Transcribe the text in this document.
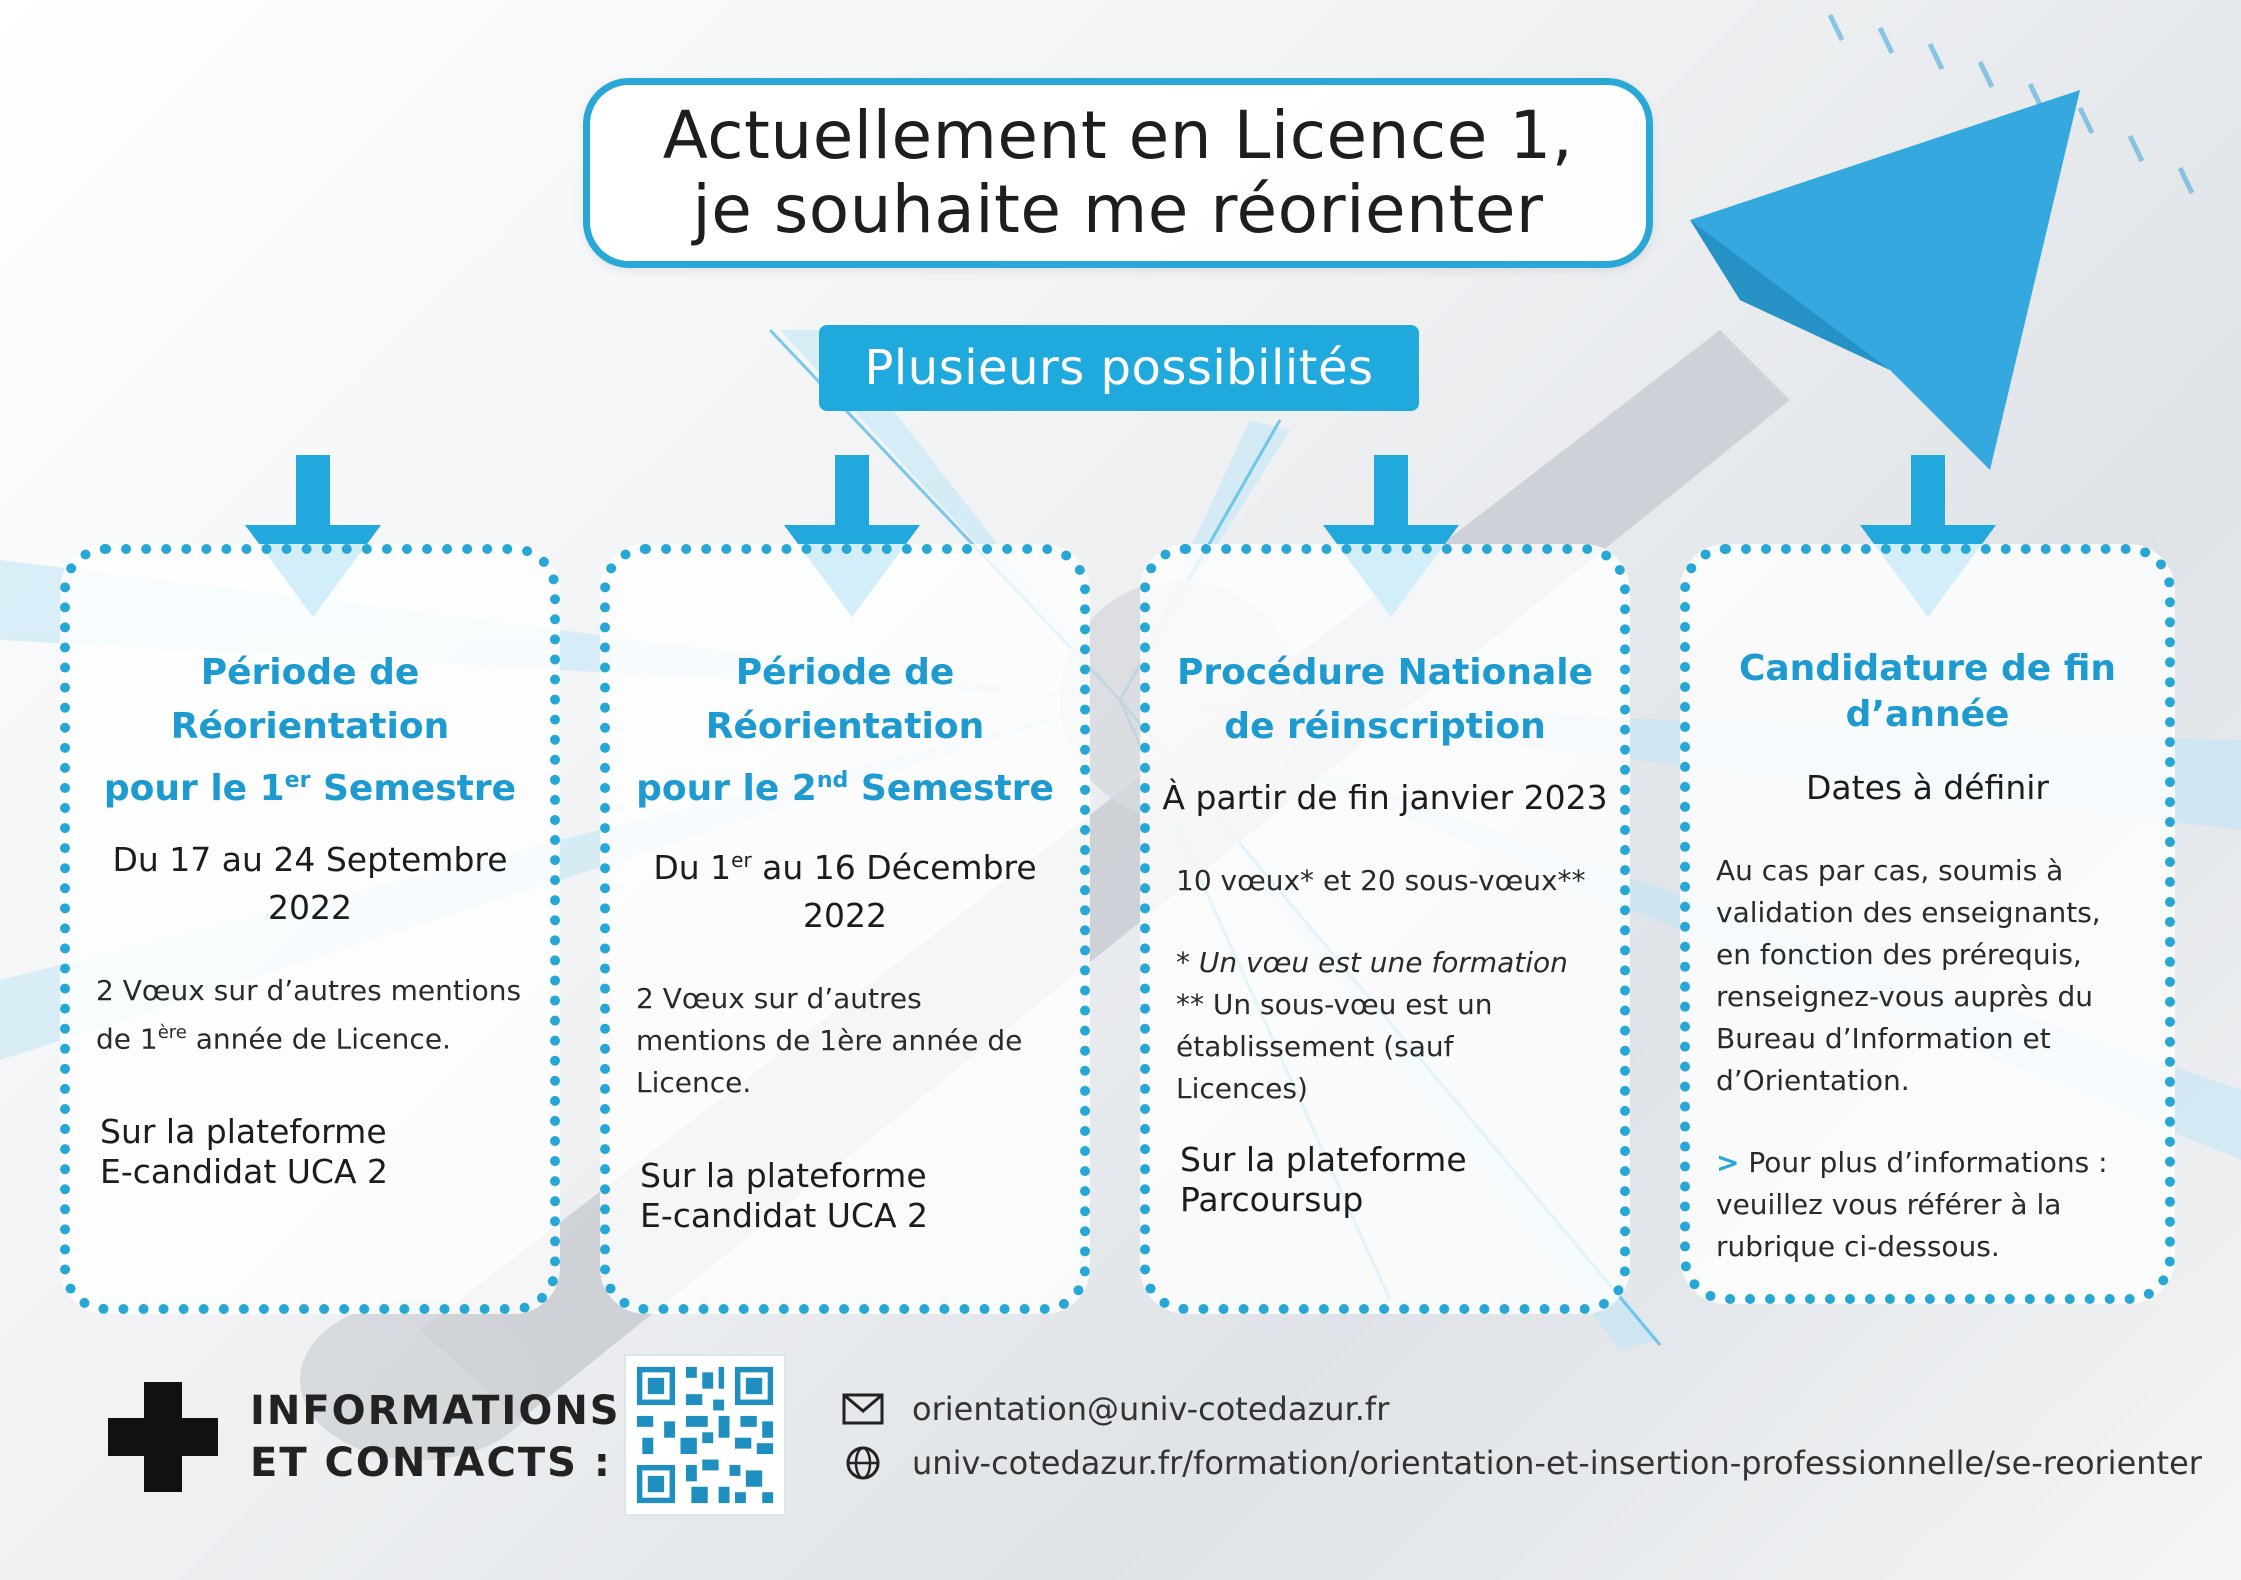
Actuellement en Licence 1,
je souhaite me réorienter
Plusieurs possibilités
Période de Réorientation
pour le 1er Semestre
Du 17 au 24 Septembre 2022
2 Vœux sur d’autres mentions de 1ère année de Licence.
Sur la plateforme
E-candidat UCA 2
Période de Réorientation
pour le 2nd Semestre
Du 1er au 16 Décembre 2022
2 Vœux sur d’autres mentions de 1ère année de Licence.
Sur la plateforme
E-candidat UCA 2
Procédure Nationale
de réinscription
À partir de fin janvier 2023

10 vœux* et 20 sous-vœux**

* Un vœu est une formation

** Un sous-vœu est un établissement (sauf Licences)

Sur la plateforme
Parcoursup
Candidature de fin
d’année
Dates à définir

Au cas par cas, soumis à validation des enseignants, en fonction des prérequis, renseignez-vous auprès du Bureau d’Information et d’Orientation.

> Pour plus d’informations : veuillez vous référer à la rubrique ci-dessous.

INFORMATIONS
ET CONTACTS :
orientation@univ-cotedazur.fr
univ-cotedazur.fr/formation/orientation-et-insertion-professionnelle/se-reorienter
